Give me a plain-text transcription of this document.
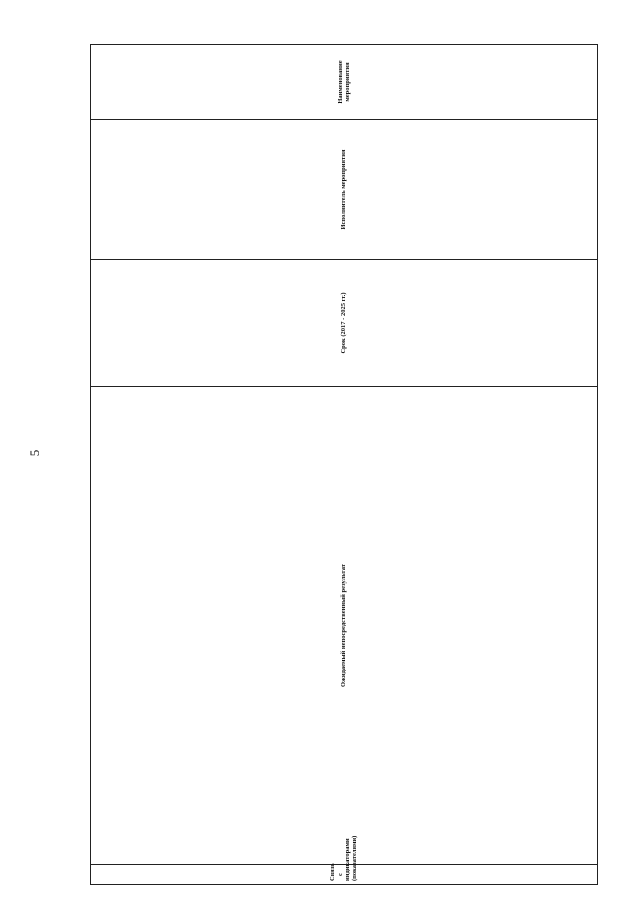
5
Связь с индикаторами (показателями)	Ожидаемый непосредственный результат	Срок (2017 - 2025 гг.)	Исполнитель мероприятия	Наименование мероприятия
